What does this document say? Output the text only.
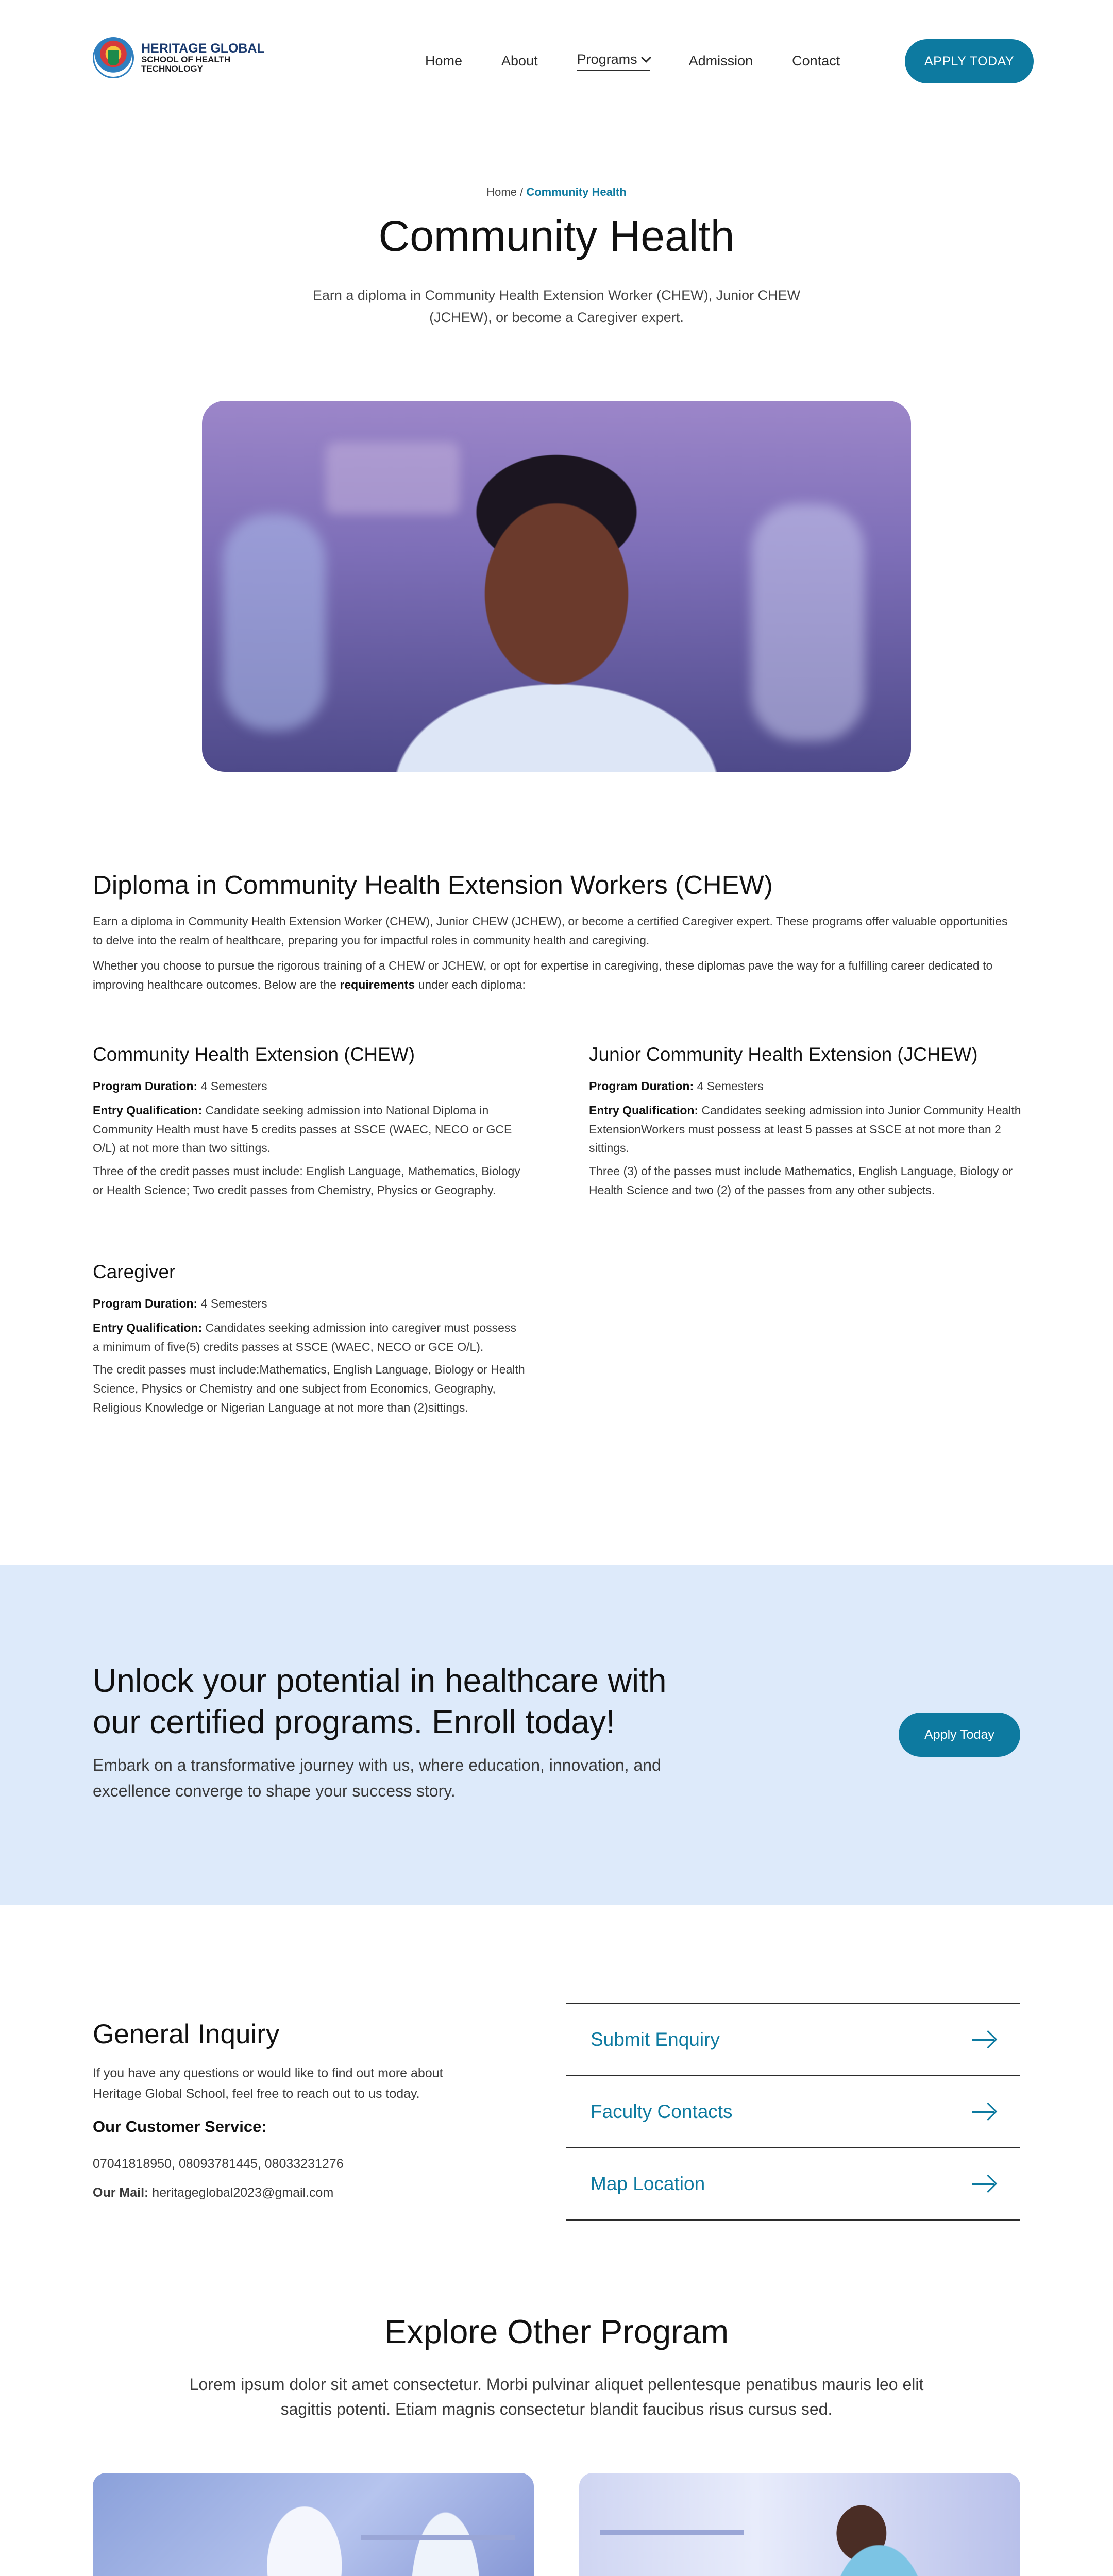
HERITAGE GLOBAL
SCHOOL OF HEALTH
TECHNOLOGY
Home	About	Programs	Admission	Contact	APPLY TODAY
Home / Community Health
Community Health

Earn a diploma in Community Health Extension Worker (CHEW), Junior CHEW (JCHEW), or become a Caregiver expert.

Diploma in Community Health Extension Workers (CHEW)

Earn a diploma in Community Health Extension Worker (CHEW), Junior CHEW (JCHEW), or become a certified Caregiver expert. These programs offer valuable opportunities to delve into the realm of healthcare, preparing you for impactful roles in community health and caregiving.

Whether you choose to pursue the rigorous training of a CHEW or JCHEW, or opt for expertise in caregiving, these diplomas pave the way for a fulfilling career dedicated to improving healthcare outcomes. Below are the requirements under each diploma:

Community Health Extension (CHEW)

Program Duration: 4 Semesters

Entry Qualification: Candidate seeking admission into National Diploma in Community Health must have 5 credits passes at SSCE (WAEC, NECO or GCE O/L) at not more than two sittings.

Three of the credit passes must include: English Language, Mathematics, Biology or Health Science; Two credit passes from Chemistry, Physics or Geography.

Junior Community Health Extension (JCHEW)

Program Duration: 4 Semesters

Entry Qualification: Candidates seeking admission into Junior Community Health ExtensionWorkers must possess at least 5 passes at SSCE at not more than 2 sittings.

Three (3) of the passes must include Mathematics, English Language, Biology or Health Science and two (2) of the passes from any other subjects.

Caregiver

Program Duration: 4 Semesters

Entry Qualification: Candidates seeking admission into caregiver must possess a minimum of five(5) credits passes at SSCE (WAEC, NECO or GCE O/L).

The credit passes must include:Mathematics, English Language, Biology or Health Science, Physics or Chemistry and one subject from Economics, Geography, Religious Knowledge or Nigerian Language at not more than (2)sittings.

Unlock your potential in healthcare with our certified programs. Enroll today!

Embark on a transformative journey with us, where education, innovation, and excellence converge to shape your success story.

Apply Today
General Inquiry

If you have any questions or would like to find out more about Heritage Global School, feel free to reach out to us today.

Our Customer Service:

07041818950, 08093781445, 08033231276

Our Mail: heritageglobal2023@gmail.com

Submit Enquiry
Faculty Contacts
Map Location
Explore Other Program

Lorem ipsum dolor sit amet consectetur. Morbi pulvinar aliquet pellentesque penatibus mauris leo elit sagittis potenti. Etiam magnis consectetur blandit faucibus risus cursus sed.
